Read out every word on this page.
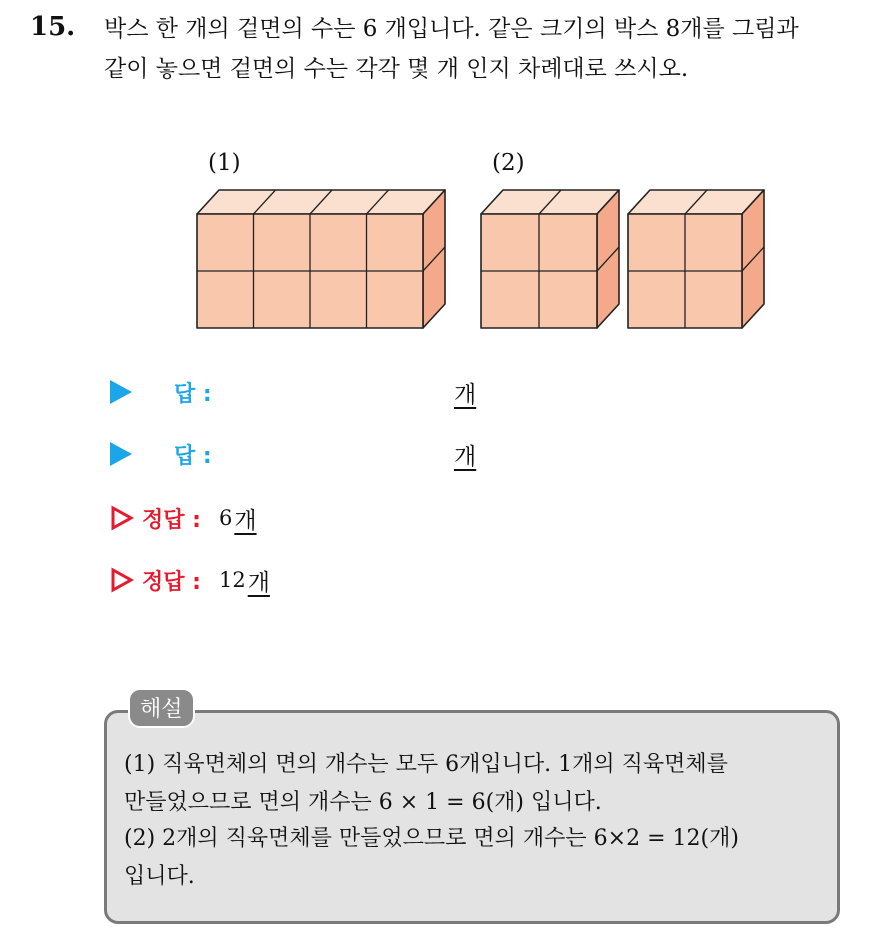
15. 박스 한 개의 겉면의 수는 6 개입니다. 같은 크기의 박스 8개를 그림과
같이 놓으면 겉면의 수는 각각 몇 개 인지 차례대로 쓰시오.
(1)	(2)
답 :	개
답 :	개
정답 : 6 개
정답 : 12 개
해설
(1) 직육면체의 면의 개수는 모두 6개입니다. 1개의 직육면체를
만들었으므로 면의 개수는 6 × 1 = 6(개) 입니다.
(2) 2개의 직육면체를 만들었으므로 면의 개수는 6×2 = 12(개)
입니다.
